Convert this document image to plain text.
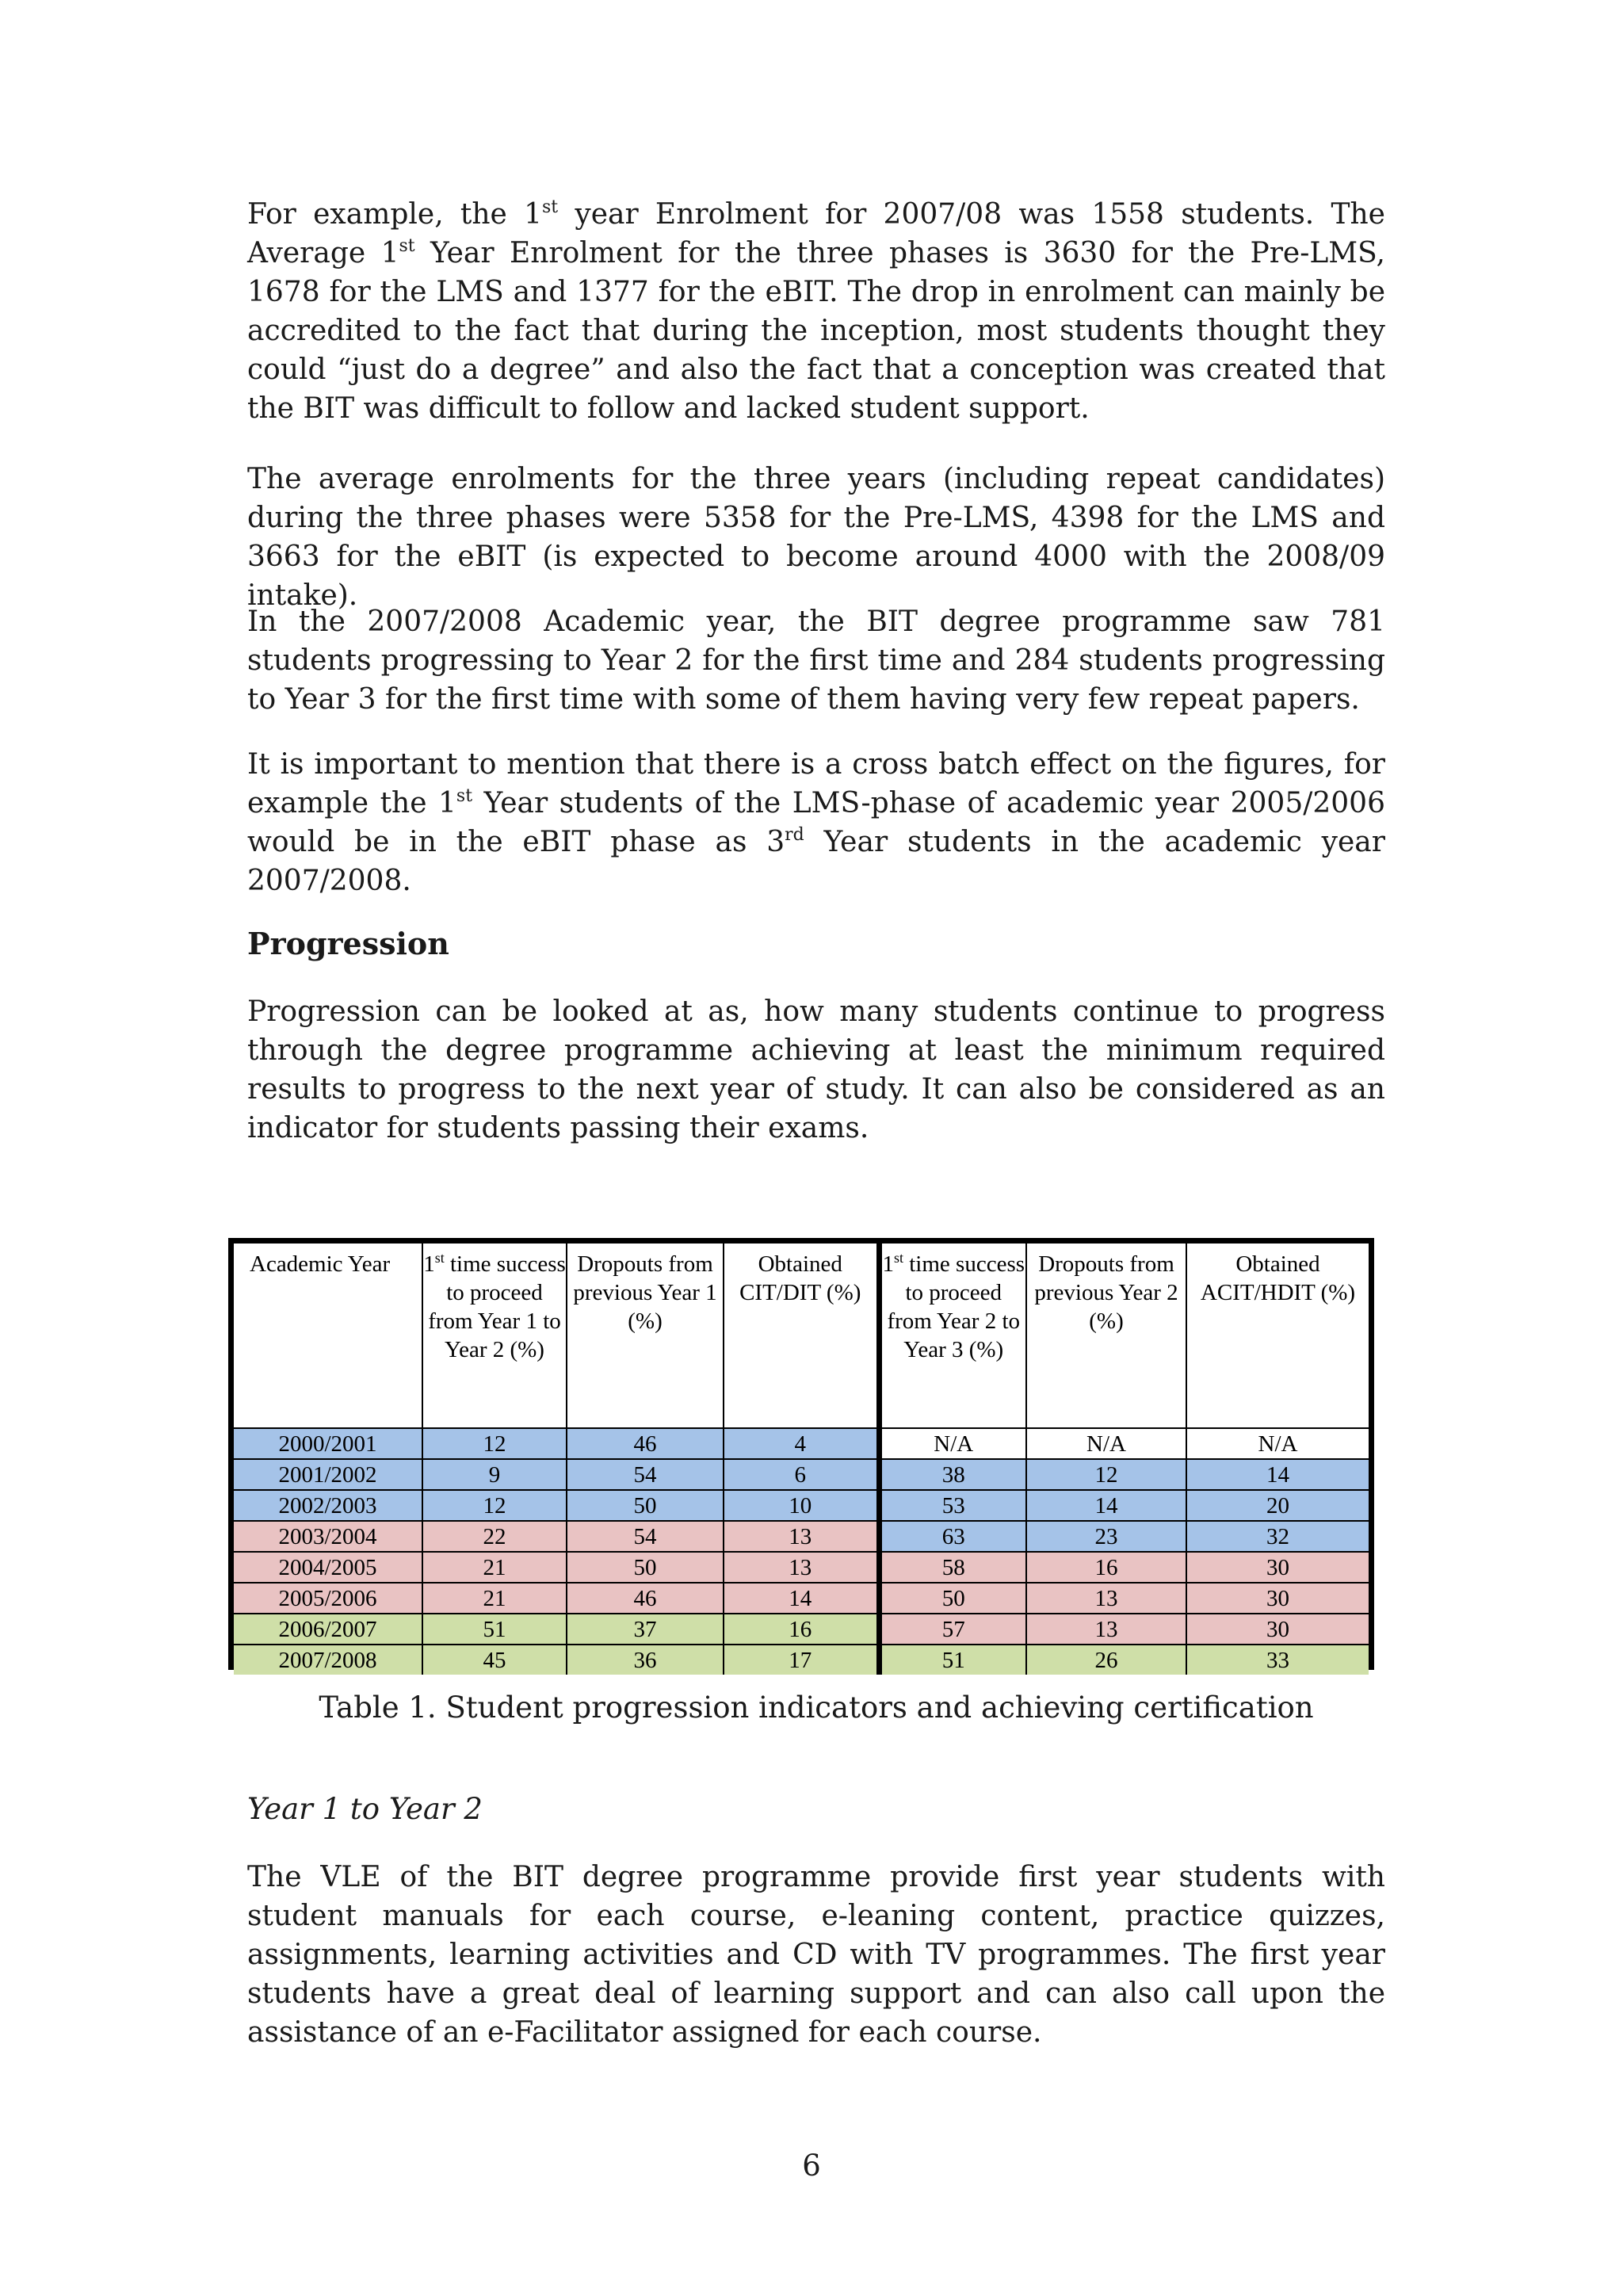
For example, the 1st year Enrolment for 2007/08 was 1558 students. The Average 1st Year Enrolment for the three phases is 3630 for the Pre-LMS, 1678 for the LMS and 1377 for the eBIT. The drop in enrolment can mainly be accredited to the fact that during the inception, most students thought they could “just do a degree” and also the fact that a conception was created that the BIT was difficult to follow and lacked student support.

The average enrolments for the three years (including repeat candidates) during the three phases were 5358 for the Pre-LMS, 4398 for the LMS and 3663 for the eBIT (is expected to become around 4000 with the 2008/09 intake).

In the 2007/2008 Academic year, the BIT degree programme saw 781 students progressing to Year 2 for the first time and 284 students progressing to Year 3 for the first time with some of them having very few repeat papers.

It is important to mention that there is a cross batch effect on the figures, for example the 1st Year students of the LMS-phase of academic year 2005/2006 would be in the eBIT phase as 3rd Year students in the academic year 2007/2008.

Progression

Progression can be looked at as, how many students continue to progress through the degree programme achieving at least the minimum required results to progress to the next year of study. It can also be considered as an indicator for students passing their exams.

Academic Year	1st time success to proceed from Year 1 to Year 2 (%)	Dropouts from previous Year 1 (%)	Obtained CIT/DIT (%)	1st time success to proceed from Year 2 to Year 3 (%)	Dropouts from previous Year 2 (%)	Obtained ACIT/HDIT (%)
2000/2001	12	46	4	N/A	N/A	N/A
2001/2002	9	54	6	38	12	14
2002/2003	12	50	10	53	14	20
2003/2004	22	54	13	63	23	32
2004/2005	21	50	13	58	16	30
2005/2006	21	46	14	50	13	30
2006/2007	51	37	16	57	13	30
2007/2008	45	36	17	51	26	33

Table 1. Student progression indicators and achieving certification

Year 1 to Year 2

The VLE of the BIT degree programme provide first year students with student manuals for each course, e-leaning content, practice quizzes, assignments, learning activities and CD with TV programmes. The first year students have a great deal of learning support and can also call upon the assistance of an e-Facilitator assigned for each course.

6
